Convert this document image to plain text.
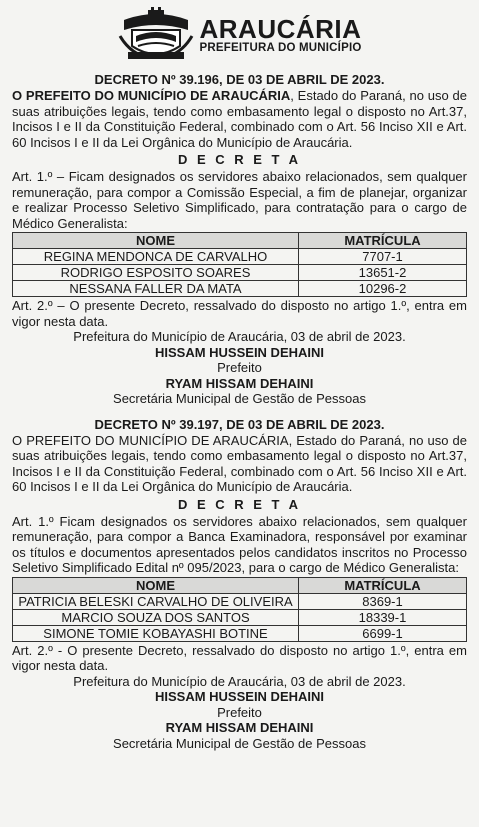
ARAUCÁRIA
PREFEITURA DO MUNICÍPIO
DECRETO Nº 39.196, DE 03 DE ABRIL DE 2023.

O PREFEITO DO MUNICÍPIO DE ARAUCÁRIA, Estado do Paraná, no uso de suas atribuições legais, tendo como embasamento legal o disposto no Art.37, Incisos I e II da Constituição Federal, combinado com o Art. 56 Inciso XII e Art. 60 Incisos I e II da Lei Orgânica do Município de Araucária.

D E C R E T A

Art. 1.º – Ficam designados os servidores abaixo relacionados, sem qualquer remuneração, para compor a Comissão Especial, a fim de planejar, organizar e realizar Processo Seletivo Simplificado, para contratação para o cargo de Médico Generalista:

NOME	MATRÍCULA
REGINA MENDONCA DE CARVALHO	7707-1
RODRIGO ESPOSITO SOARES	13651-2
NESSANA FALLER DA MATA	10296-2

Art. 2.º – O presente Decreto, ressalvado do disposto no artigo 1.º, entra em vigor nesta data.

Prefeitura do Município de Araucária, 03 de abril de 2023.
HISSAM HUSSEIN DEHAINI
Prefeito
RYAM HISSAM DEHAINI
Secretária Municipal de Gestão de Pessoas
DECRETO Nº 39.197, DE 03 DE ABRIL DE 2023.

O PREFEITO DO MUNICÍPIO DE ARAUCÁRIA, Estado do Paraná, no uso de suas atribuições legais, tendo como embasamento legal o disposto no Art.37, Incisos I e II da Constituição Federal, combinado com o Art. 56 Inciso XII e Art. 60 Incisos I e II da Lei Orgânica do Município de Araucária.

D E C R E T A

Art. 1.º Ficam designados os servidores abaixo relacionados, sem qualquer remuneração, para compor a Banca Examinadora, responsável por examinar os títulos e documentos apresentados pelos candidatos inscritos no Processo Seletivo Simplificado Edital nº 095/2023, para o cargo de Médico Generalista:

NOME	MATRÍCULA
PATRICIA BELESKI CARVALHO DE OLIVEIRA	8369-1
MARCIO SOUZA DOS SANTOS	18339-1
SIMONE TOMIE KOBAYASHI BOTINE	6699-1

Art. 2.º - O presente Decreto, ressalvado do disposto no artigo 1.º, entra em vigor nesta data.

Prefeitura do Município de Araucária, 03 de abril de 2023.
HISSAM HUSSEIN DEHAINI
Prefeito
RYAM HISSAM DEHAINI
Secretária Municipal de Gestão de Pessoas
